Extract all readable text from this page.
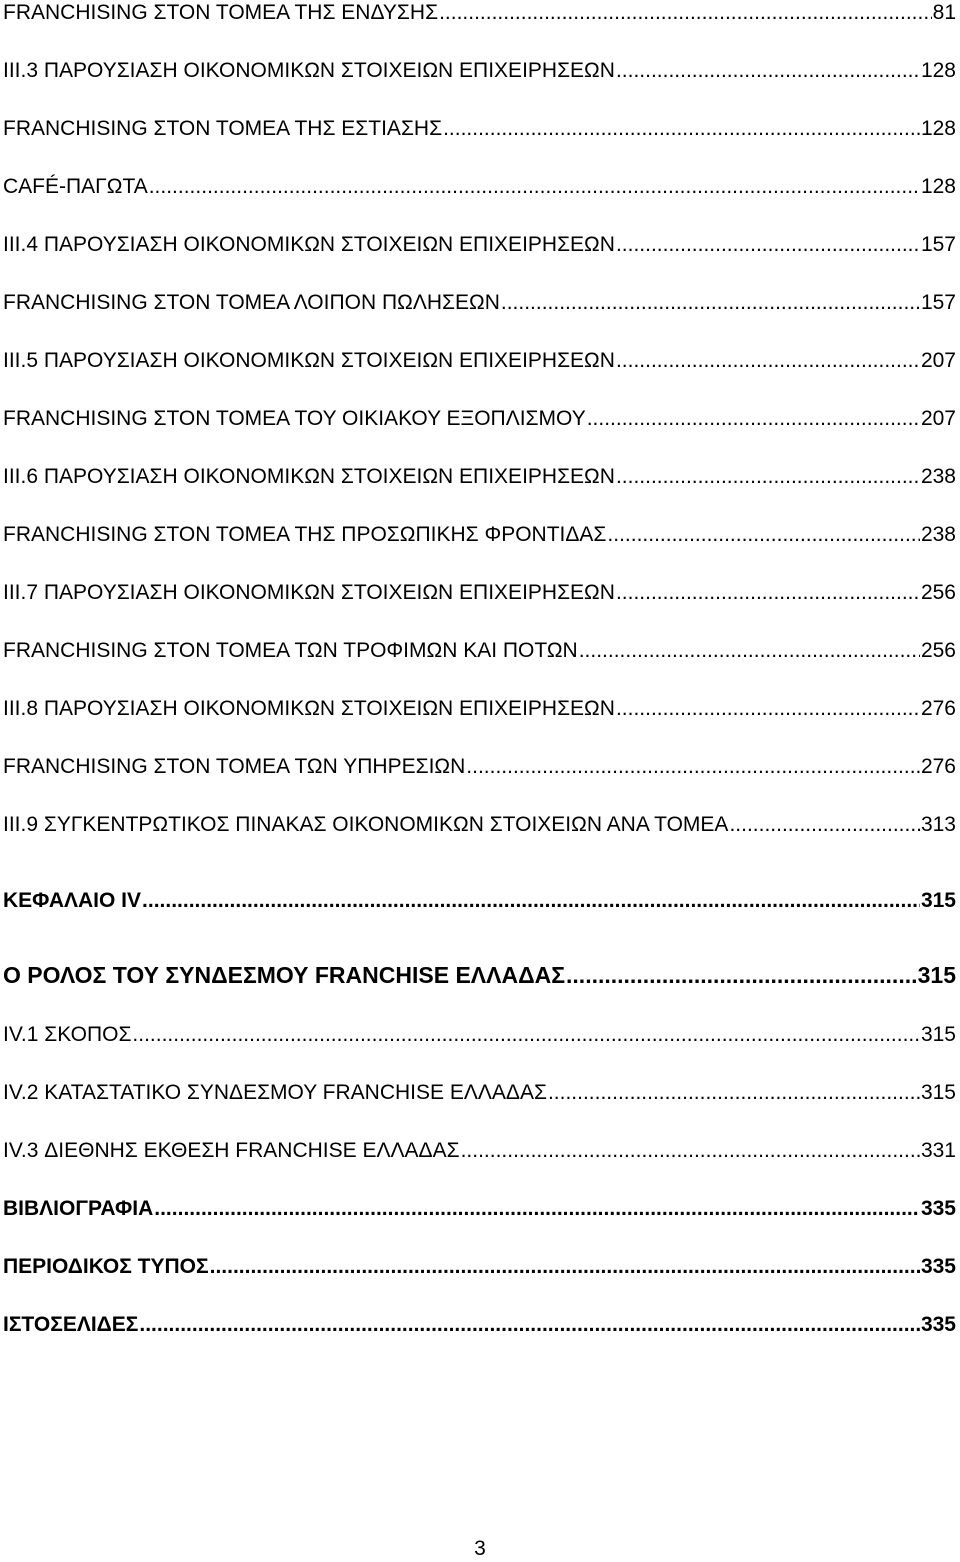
FRANCHISING ΣΤΟΝ ΤΟΜΕΑ ΤΗΣ ΕΝΔΥΣΗΣ .....	81
ΙΙΙ.3 ΠΑΡΟΥΣΙΑΣΗ ΟΙΚΟΝΟΜΙΚΩΝ ΣΤΟΙΧΕΙΩΝ ΕΠΙΧΕΙΡΗΣΕΩΝ .....	128
FRANCHISING ΣΤΟΝ ΤΟΜΕΑ ΤΗΣ ΕΣΤΙΑΣΗΣ .....	128
CAFÉ-ΠΑΓΩΤΑ .....	128
ΙΙΙ.4 ΠΑΡΟΥΣΙΑΣΗ ΟΙΚΟΝΟΜΙΚΩΝ ΣΤΟΙΧΕΙΩΝ ΕΠΙΧΕΙΡΗΣΕΩΝ .....	157
FRANCHISING ΣΤΟΝ ΤΟΜΕΑ ΛΟΙΠΟΝ ΠΩΛΗΣΕΩΝ .....	157
ΙΙΙ.5 ΠΑΡΟΥΣΙΑΣΗ ΟΙΚΟΝΟΜΙΚΩΝ ΣΤΟΙΧΕΙΩΝ ΕΠΙΧΕΙΡΗΣΕΩΝ .....	207
FRANCHISING ΣΤΟΝ ΤΟΜΕΑ ΤΟΥ ΟΙΚΙΑΚΟΥ ΕΞΟΠΛΙΣΜΟΥ .....	207
ΙΙΙ.6 ΠΑΡΟΥΣΙΑΣΗ ΟΙΚΟΝΟΜΙΚΩΝ ΣΤΟΙΧΕΙΩΝ ΕΠΙΧΕΙΡΗΣΕΩΝ .....	238
FRANCHISING ΣΤΟΝ ΤΟΜΕΑ ΤΗΣ ΠΡΟΣΩΠΙΚΗΣ ΦΡΟΝΤΙΔΑΣ .....	238
ΙΙΙ.7 ΠΑΡΟΥΣΙΑΣΗ ΟΙΚΟΝΟΜΙΚΩΝ ΣΤΟΙΧΕΙΩΝ ΕΠΙΧΕΙΡΗΣΕΩΝ .....	256
FRANCHISING ΣΤΟΝ ΤΟΜΕΑ ΤΩΝ ΤΡΟΦΙΜΩΝ ΚΑΙ ΠΟΤΩΝ .....	256
ΙΙΙ.8 ΠΑΡΟΥΣΙΑΣΗ ΟΙΚΟΝΟΜΙΚΩΝ ΣΤΟΙΧΕΙΩΝ ΕΠΙΧΕΙΡΗΣΕΩΝ .....	276
FRANCHISING ΣΤΟΝ ΤΟΜΕΑ ΤΩΝ ΥΠΗΡΕΣΙΩΝ .....	276
ΙΙΙ.9 ΣΥΓΚΕΝΤΡΩΤΙΚΟΣ ΠΙΝΑΚΑΣ ΟΙΚΟΝΟΜΙΚΩΝ ΣΤΟΙΧΕΙΩΝ ΑΝΑ ΤΟΜΕΑ .....	313
ΚΕΦΑΛΑΙΟ IV .....	315
Ο ΡΟΛΟΣ ΤΟΥ ΣΥΝΔΕΣΜΟΥ FRANCHISE ΕΛΛΑΔΑΣ .....	315
IV.1 ΣΚΟΠΟΣ .....	315
IV.2 ΚΑΤΑΣΤΑΤΙΚΟ ΣΥΝΔΕΣΜΟΥ FRANCHISE ΕΛΛΑΔΑΣ .....	315
IV.3 ΔΙΕΘΝΗΣ ΕΚΘΕΣΗ FRANCHISE ΕΛΛΑΔΑΣ .....	331
ΒΙΒΛΙΟΓΡΑΦΙΑ .....	335
ΠΕΡΙΟΔΙΚΟΣ ΤΥΠΟΣ .....	335
ΙΣΤΟΣΕΛΙΔΕΣ .....	335
3
